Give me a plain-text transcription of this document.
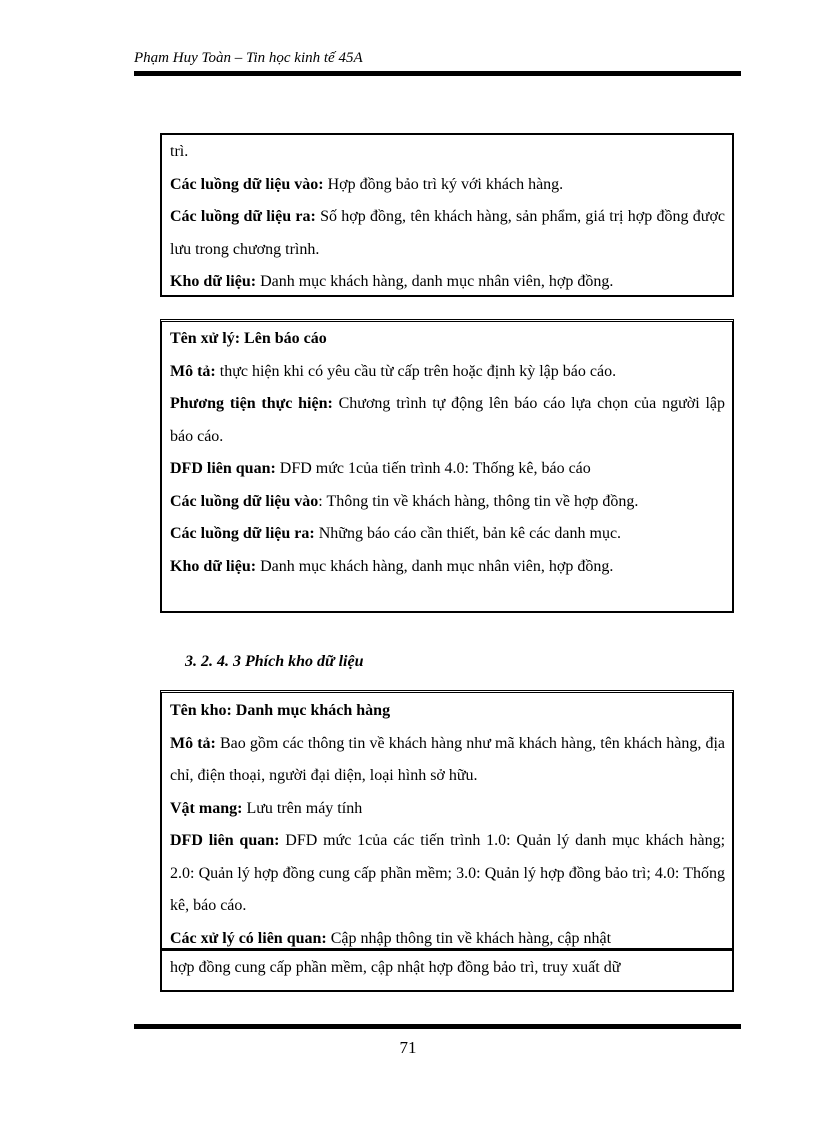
Phạm Huy Toàn – Tin học kinh tế 45A

trì.

Các luồng dữ liệu vào: Hợp đồng bảo trì ký với khách hàng.

Các luồng dữ liệu ra: Số hợp đồng, tên khách hàng, sản phẩm, giá trị hợp đồng được lưu trong chương trình.

Kho dữ liệu: Danh mục khách hàng, danh mục nhân viên, hợp đồng.

Tên xử lý: Lên báo cáo

Mô tả: thực hiện khi có yêu cầu từ cấp trên hoặc định kỳ lập báo cáo.

Phương tiện thực hiện: Chương trình tự động lên báo cáo lựa chọn của người lập báo cáo.

DFD liên quan: DFD mức 1của tiến trình 4.0: Thống kê, báo cáo

Các luồng dữ liệu vào: Thông tin về khách hàng, thông tin về hợp đồng.

Các luồng dữ liệu ra: Những báo cáo cần thiết, bản kê các danh mục.

Kho dữ liệu: Danh mục khách hàng, danh mục nhân viên, hợp đồng.

3. 2. 4. 3 Phích kho dữ liệu

Tên kho: Danh mục khách hàng

Mô tả: Bao gồm các thông tin về khách hàng như mã khách hàng, tên khách hàng, địa chỉ, điện thoại, người đại diện, loại hình sở hữu.

Vật mang: Lưu trên máy tính

DFD liên quan: DFD mức 1của các tiến trình 1.0: Quản lý danh mục khách hàng; 2.0: Quản lý hợp đồng cung cấp phần mềm; 3.0: Quản lý hợp đồng bảo trì; 4.0: Thống kê, báo cáo.

Các xử lý có liên quan: Cập nhập thông tin về khách hàng, cập nhật

hợp đồng cung cấp phần mềm, cập nhật hợp đồng bảo trì, truy xuất dữ

71
